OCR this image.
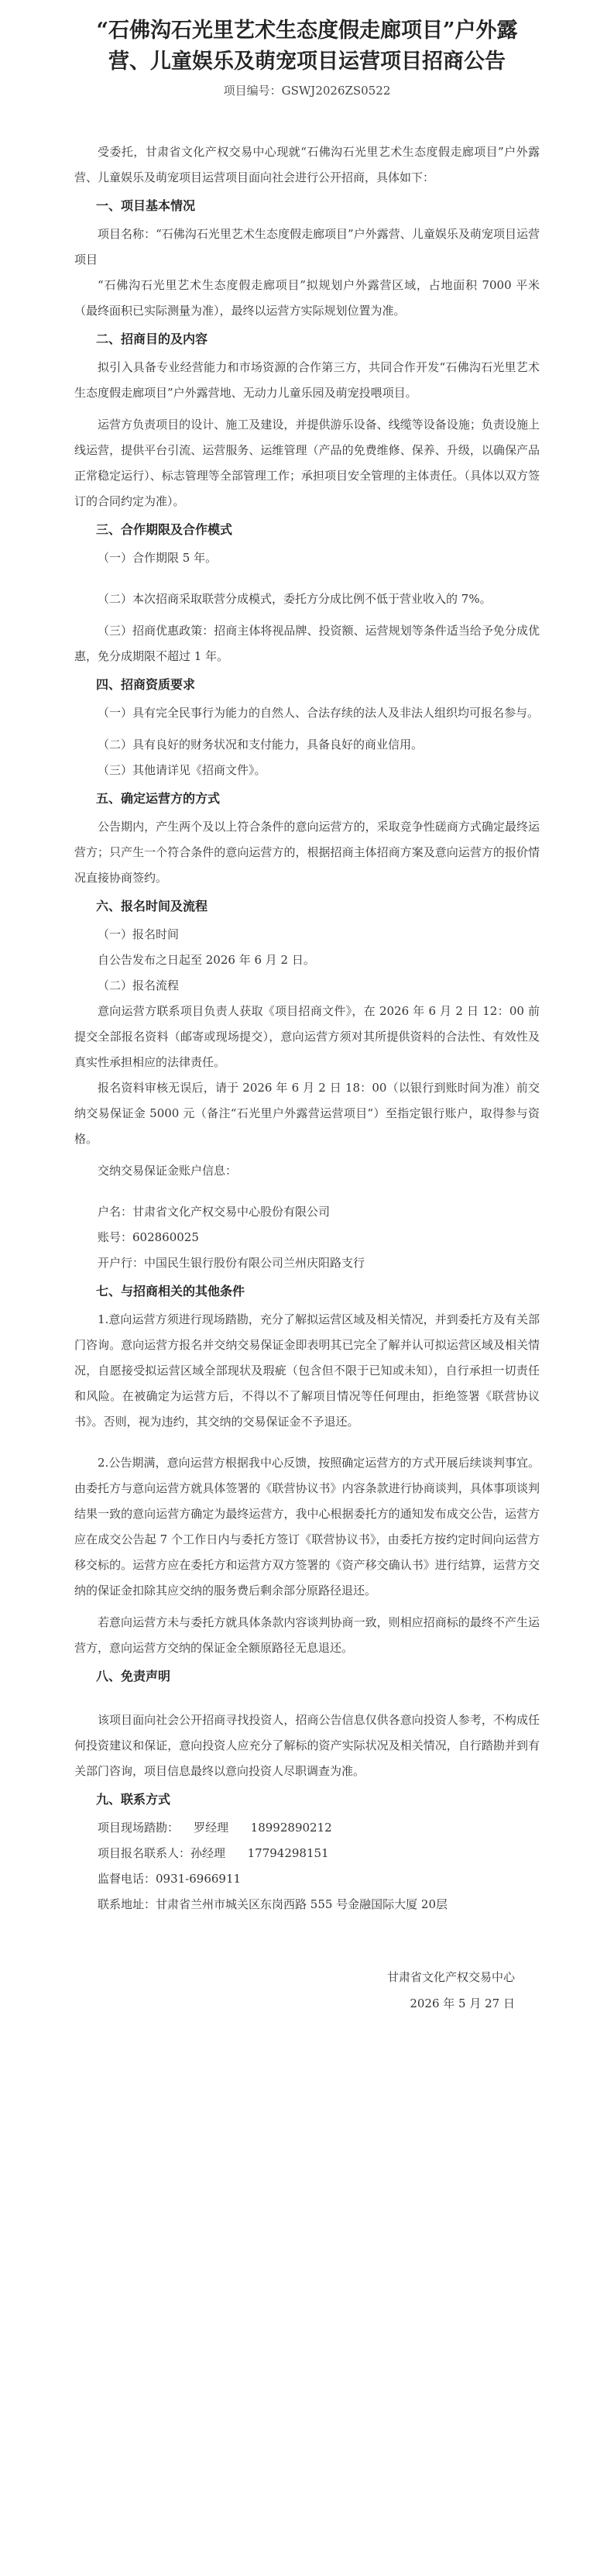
“石佛沟石光里艺术生态度假走廊项目”户外露
营、儿童娱乐及萌宠项目运营项目招商公告

项目编号：GSWJ2026ZS0522

受委托，甘肃省文化产权交易中心现就“石佛沟石光里艺术生态度假走廊项目”户外露营、儿童娱乐及萌宠项目运营项目面向社会进行公开招商，具体如下：

一、项目基本情况

项目名称：“石佛沟石光里艺术生态度假走廊项目”户外露营、儿童娱乐及萌宠项目运营项目

“石佛沟石光里艺术生态度假走廊项目”拟规划户外露营区域，占地面积 7000 平米（最终面积已实际测量为准），最终以运营方实际规划位置为准。

二、招商目的及内容

拟引入具备专业经营能力和市场资源的合作第三方，共同合作开发“石佛沟石光里艺术生态度假走廊项目”户外露营地、无动力儿童乐园及萌宠投喂项目。

运营方负责项目的设计、施工及建设，并提供游乐设备、线缆等设备设施；负责设施上线运营，提供平台引流、运营服务、运维管理（产品的免费维修、保养、升级，以确保产品正常稳定运行）、标志管理等全部管理工作；承担项目安全管理的主体责任。（具体以双方签订的合同约定为准）。

三、合作期限及合作模式

（一）合作期限 5 年。

（二）本次招商采取联营分成模式，委托方分成比例不低于营业收入的 7%。

（三）招商优惠政策：招商主体将视品牌、投资额、运营规划等条件适当给予免分成优惠，免分成期限不超过 1 年。

四、招商资质要求

（一）具有完全民事行为能力的自然人、合法存续的法人及非法人组织均可报名参与。

（二）具有良好的财务状况和支付能力，具备良好的商业信用。

（三）其他请详见《招商文件》。

五、确定运营方的方式

公告期内，产生两个及以上符合条件的意向运营方的，采取竞争性磋商方式确定最终运营方；只产生一个符合条件的意向运营方的，根据招商主体招商方案及意向运营方的报价情况直接协商签约。

六、报名时间及流程

（一）报名时间

自公告发布之日起至 2026 年 6 月 2 日。

（二）报名流程

意向运营方联系项目负责人获取《项目招商文件》，在 2026 年 6 月 2 日 12：00 前提交全部报名资料（邮寄或现场提交），意向运营方须对其所提供资料的合法性、有效性及真实性承担相应的法律责任。

报名资料审核无误后，请于 2026 年 6 月 2 日 18：00（以银行到账时间为准）前交纳交易保证金 5000 元（备注“石光里户外露营运营项目”）至指定银行账户，取得参与资格。

交纳交易保证金账户信息：

户名：甘肃省文化产权交易中心股份有限公司

账号：602860025

开户行：中国民生银行股份有限公司兰州庆阳路支行

七、与招商相关的其他条件

1.意向运营方须进行现场踏勘，充分了解拟运营区域及相关情况，并到委托方及有关部门咨询。意向运营方报名并交纳交易保证金即表明其已完全了解并认可拟运营区域及相关情况，自愿接受拟运营区域全部现状及瑕疵（包含但不限于已知或未知），自行承担一切责任和风险。在被确定为运营方后，不得以不了解项目情况等任何理由，拒绝签署《联营协议书》。否则，视为违约，其交纳的交易保证金不予退还。

2.公告期满，意向运营方根据我中心反馈，按照确定运营方的方式开展后续谈判事宜。由委托方与意向运营方就具体签署的《联营协议书》内容条款进行协商谈判，具体事项谈判结果一致的意向运营方确定为最终运营方，我中心根据委托方的通知发布成交公告，运营方应在成交公告起 7 个工作日内与委托方签订《联营协议书》，由委托方按约定时间向运营方移交标的。运营方应在委托方和运营方双方签署的《资产移交确认书》进行结算，运营方交纳的保证金扣除其应交纳的服务费后剩余部分原路径退还。

若意向运营方未与委托方就具体条款内容谈判协商一致，则相应招商标的最终不产生运营方，意向运营方交纳的保证金全额原路径无息退还。

八、免责声明

该项目面向社会公开招商寻找投资人，招商公告信息仅供各意向投资人参考，不构成任何投资建议和保证，意向投资人应充分了解标的资产实际状况及相关情况，自行踏勘并到有关部门咨询，项目信息最终以意向投资人尽职调查为准。

九、联系方式

项目现场踏勘：    罗经理      18992890212

项目报名联系人：孙经理      17794298151

监督电话：0931-6966911

联系地址：甘肃省兰州市城关区东岗西路 555 号金融国际大厦 20层

甘肃省文化产权交易中心
2026 年 5 月 27 日
